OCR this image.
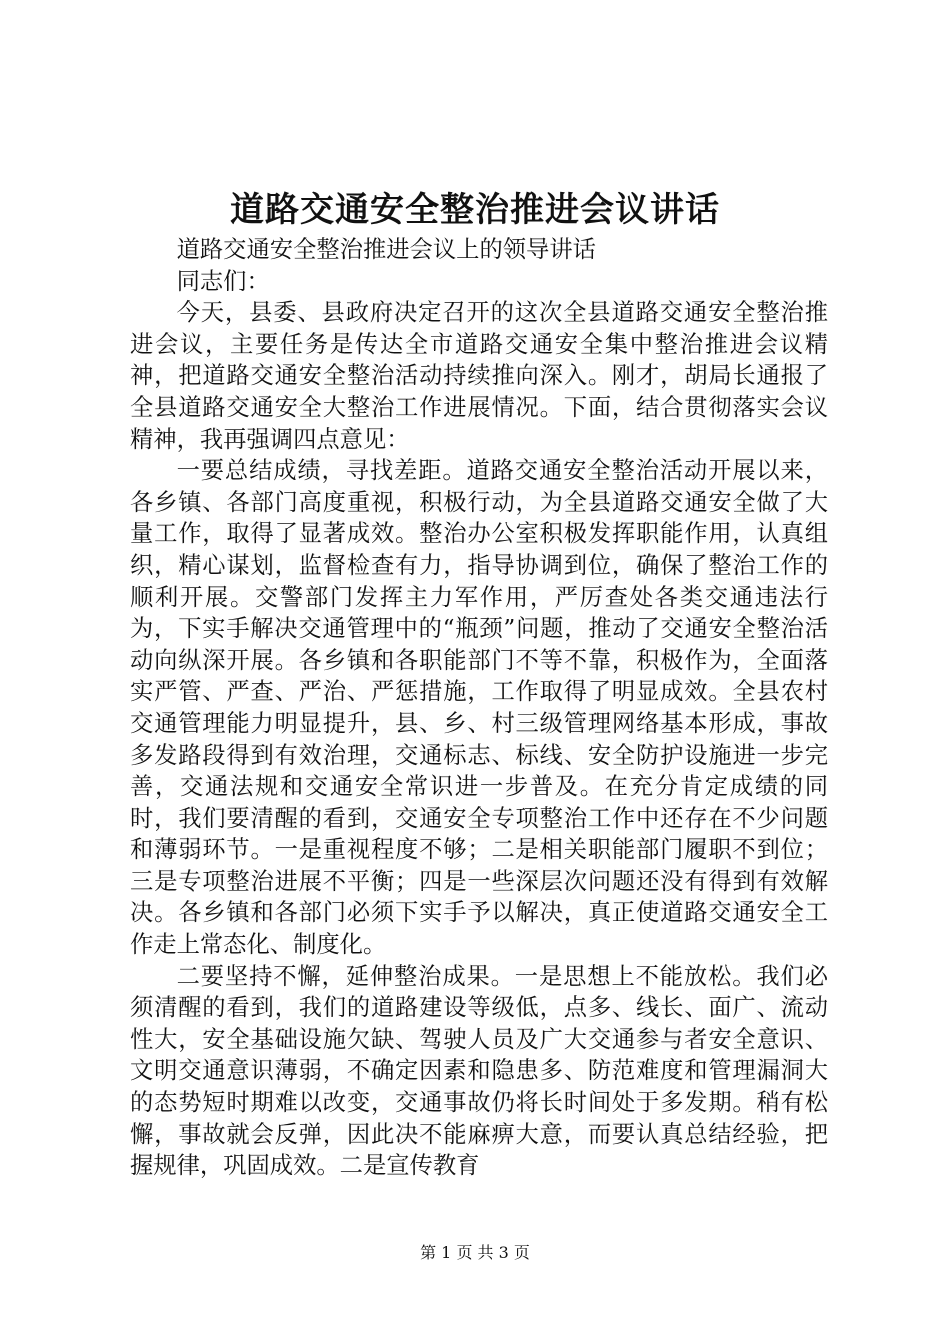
道路交通安全整治推进会议讲话

道路交通安全整治推进会议上的领导讲话

同志们：

今天，县委、县政府决定召开的这次全县道路交通安全整治推进会议，主要任务是传达全市道路交通安全集中整治推进会议精神，把道路交通安全整治活动持续推向深入。刚才，胡局长通报了全县道路交通安全大整治工作进展情况。下面，结合贯彻落实会议精神，我再强调四点意见：

一要总结成绩，寻找差距。道路交通安全整治活动开展以来，各乡镇、各部门高度重视，积极行动，为全县道路交通安全做了大量工作，取得了显著成效。整治办公室积极发挥职能作用，认真组织，精心谋划，监督检查有力，指导协调到位，确保了整治工作的顺利开展。交警部门发挥主力军作用，严厉查处各类交通违法行为，下实手解决交通管理中的“瓶颈”问题，推动了交通安全整治活动向纵深开展。各乡镇和各职能部门不等不靠，积极作为，全面落实严管、严查、严治、严惩措施，工作取得了明显成效。全县农村交通管理能力明显提升，县、乡、村三级管理网络基本形成，事故多发路段得到有效治理，交通标志、标线、安全防护设施进一步完善，交通法规和交通安全常识进一步普及。在充分肯定成绩的同时，我们要清醒的看到，交通安全专项整治工作中还存在不少问题和薄弱环节。一是重视程度不够；二是相关职能部门履职不到位；三是专项整治进展不平衡；四是一些深层次问题还没有得到有效解决。各乡镇和各部门必须下实手予以解决，真正使道路交通安全工作走上常态化、制度化。

二要坚持不懈，延伸整治成果。一是思想上不能放松。我们必须清醒的看到，我们的道路建设等级低，点多、线长、面广、流动性大，安全基础设施欠缺、驾驶人员及广大交通参与者安全意识、文明交通意识薄弱，不确定因素和隐患多、防范难度和管理漏洞大的态势短时期难以改变，交通事故仍将长时间处于多发期。稍有松懈，事故就会反弹，因此决不能麻痹大意，而要认真总结经验，把握规律，巩固成效。二是宣传教育

第 1 页 共 3 页
